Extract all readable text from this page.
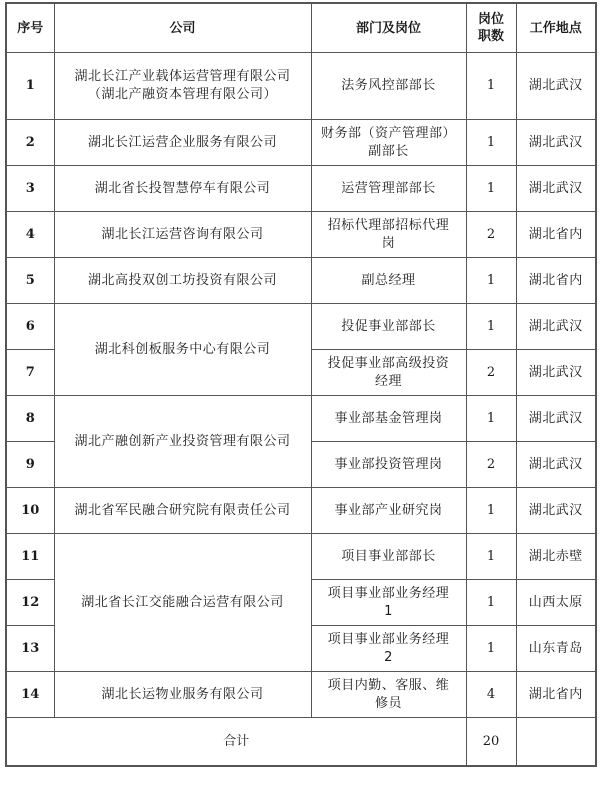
序号	公司	部门及岗位	岗位
职数	工作地点
1	湖北长江产业载体运营管理有限公司
（湖北产融资本管理有限公司）	法务风控部部长	1	湖北武汉
2	湖北长江运营企业服务有限公司	财务部（资产管理部）
副部长	1	湖北武汉
3	湖北省长投智慧停车有限公司	运营管理部部长	1	湖北武汉
4	湖北长江运营咨询有限公司	招标代理部招标代理
岗	2	湖北省内
5	湖北高投双创工坊投资有限公司	副总经理	1	湖北省内
6	湖北科创板服务中心有限公司	投促事业部部长	1	湖北武汉
7		投促事业部高级投资
经理	2	湖北武汉
8	湖北产融创新产业投资管理有限公司	事业部基金管理岗	1	湖北武汉
9		事业部投资管理岗	2	湖北武汉
10	湖北省军民融合研究院有限责任公司	事业部产业研究岗	1	湖北武汉
11	湖北省长江交能融合运营有限公司	项目事业部部长	1	湖北赤壁
12		项目事业部业务经理
1	1	山西太原
13		项目事业部业务经理
2	1	山东青岛
14	湖北长运物业服务有限公司	项目内勤、客服、维
修员	4	湖北省内
合计			20	
